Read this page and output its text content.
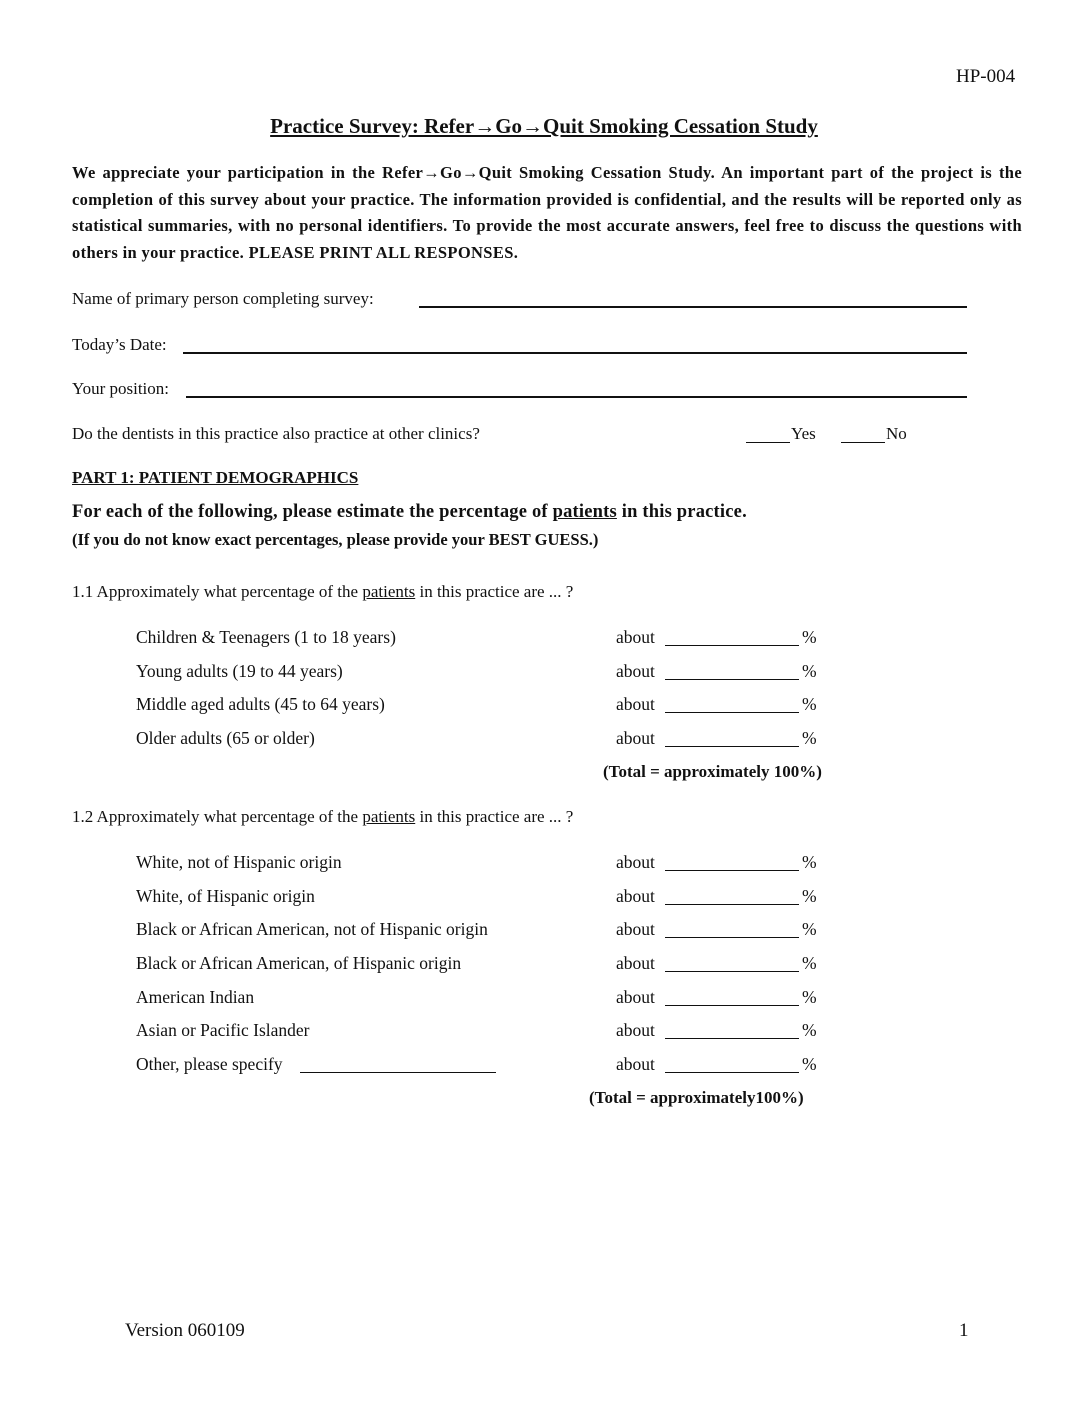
HP-004
Practice Survey: Refer→Go→Quit Smoking Cessation Study
We appreciate your participation in the Refer→Go→Quit Smoking Cessation Study. An important part of the project is the completion of this survey about your practice. The information provided is confidential, and the results will be reported only as statistical summaries, with no personal identifiers. To provide the most accurate answers, feel free to discuss the questions with others in your practice. PLEASE PRINT ALL RESPONSES.
Name of primary person completing survey:
Today’s Date:
Your position:
Do the dentists in this practice also practice at other clinics?	Yes	No
PART 1: PATIENT DEMOGRAPHICS
For each of the following, please estimate the percentage of patients in this practice.
(If you do not know exact percentages, please provide your BEST GUESS.)
1.1 Approximately what percentage of the patients in this practice are ... ?
Children & Teenagers (1 to 18 years)	about	%
Young adults (19 to 44 years)	about	%
Middle aged adults (45 to 64 years)	about	%
Older adults (65 or older)	about	%
(Total = approximately 100%)
1.2 Approximately what percentage of the patients in this practice are ... ?
White, not of Hispanic origin	about	%
White, of Hispanic origin	about	%
Black or African American, not of Hispanic origin	about	%
Black or African American, of Hispanic origin	about	%
American Indian	about	%
Asian or Pacific Islander	about	%
Other, please specify	about	%
(Total = approximately100%)
Version 060109	1
